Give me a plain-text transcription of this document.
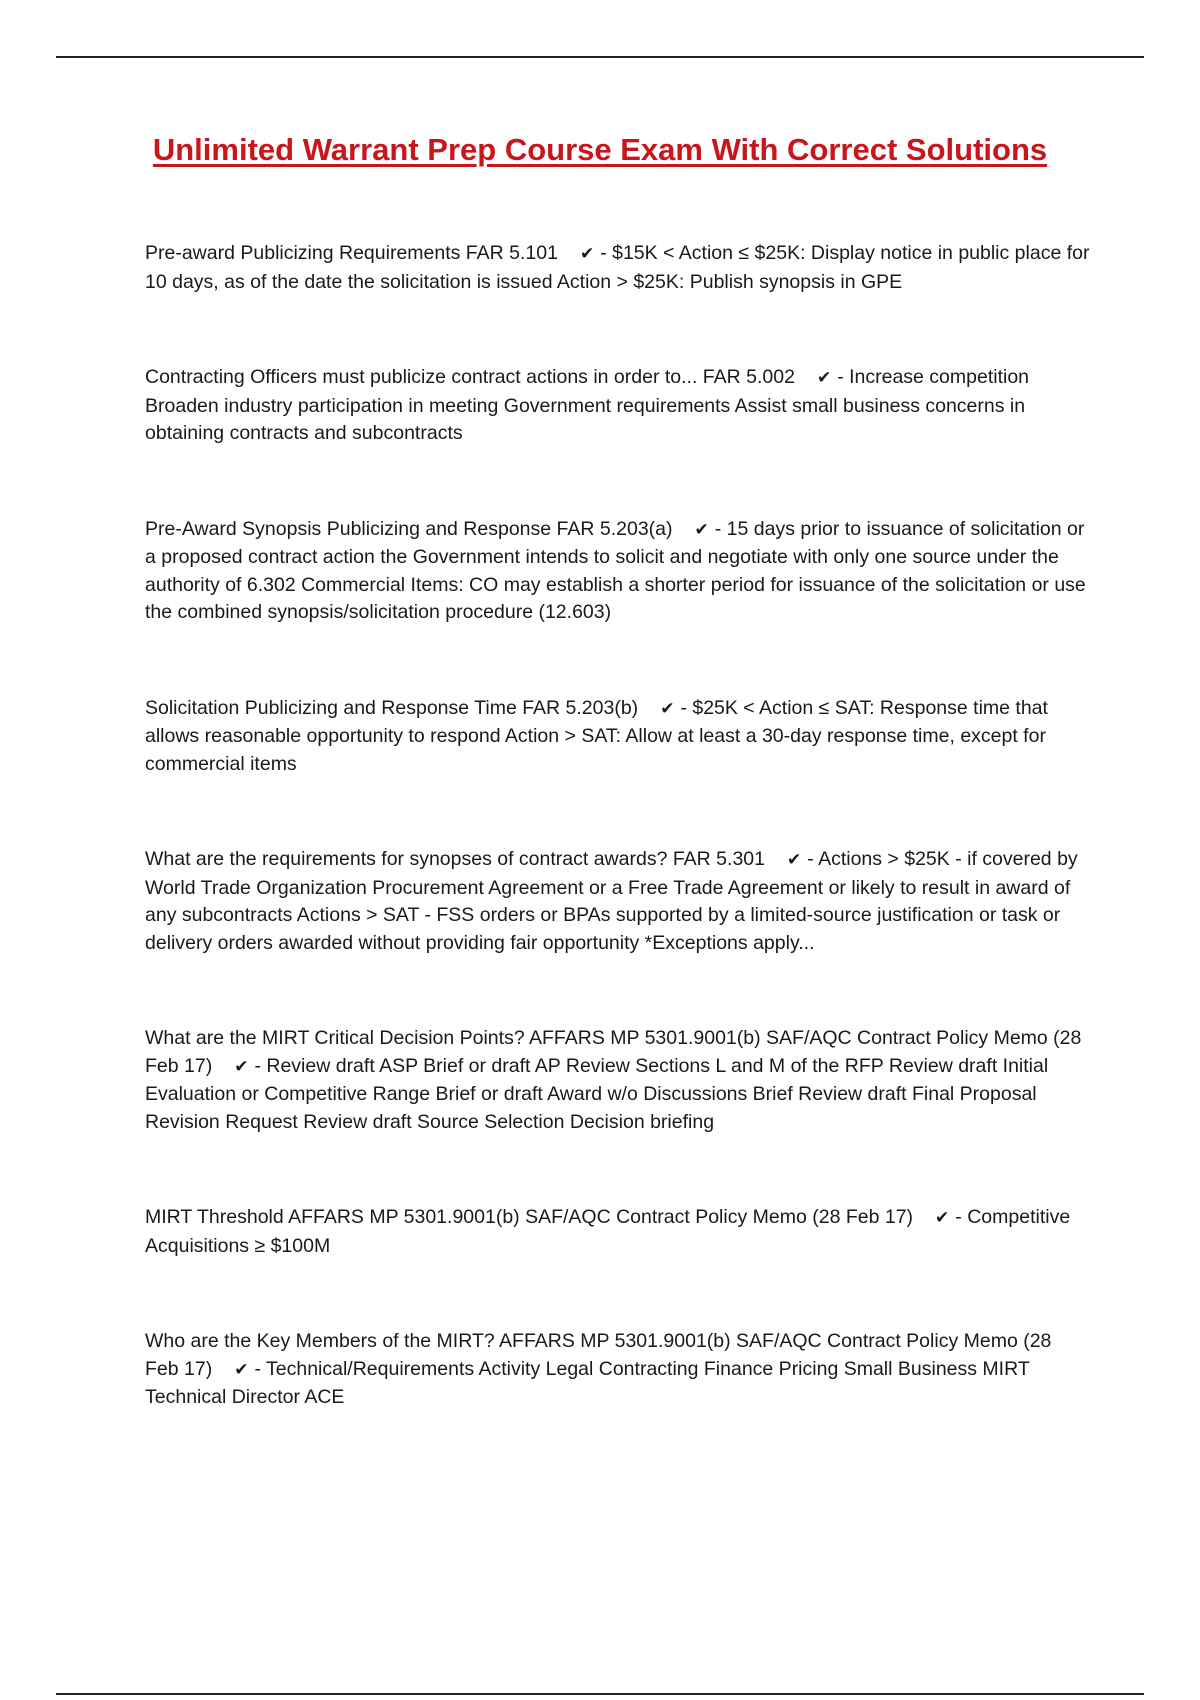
Unlimited Warrant Prep Course Exam With Correct Solutions

Pre-award Publicizing Requirements FAR 5.101 ✔ - $15K < Action ≤ $25K: Display notice in public place for 10 days, as of the date the solicitation is issued Action > $25K: Publish synopsis in GPE

Contracting Officers must publicize contract actions in order to... FAR 5.002 ✔ - Increase competition Broaden industry participation in meeting Government requirements Assist small business concerns in obtaining contracts and subcontracts

Pre-Award Synopsis Publicizing and Response FAR 5.203(a) ✔ - 15 days prior to issuance of solicitation or a proposed contract action the Government intends to solicit and negotiate with only one source under the authority of 6.302 Commercial Items: CO may establish a shorter period for issuance of the solicitation or use the combined synopsis/solicitation procedure (12.603)

Solicitation Publicizing and Response Time FAR 5.203(b) ✔ - $25K < Action ≤ SAT: Response time that allows reasonable opportunity to respond Action > SAT: Allow at least a 30-day response time, except for commercial items

What are the requirements for synopses of contract awards? FAR 5.301 ✔ - Actions > $25K - if covered by World Trade Organization Procurement Agreement or a Free Trade Agreement or likely to result in award of any subcontracts Actions > SAT - FSS orders or BPAs supported by a limited-source justification or task or delivery orders awarded without providing fair opportunity *Exceptions apply...

What are the MIRT Critical Decision Points? AFFARS MP 5301.9001(b) SAF/AQC Contract Policy Memo (28 Feb 17) ✔ - Review draft ASP Brief or draft AP Review Sections L and M of the RFP Review draft Initial Evaluation or Competitive Range Brief or draft Award w/o Discussions Brief Review draft Final Proposal Revision Request Review draft Source Selection Decision briefing

MIRT Threshold AFFARS MP 5301.9001(b) SAF/AQC Contract Policy Memo (28 Feb 17) ✔ - Competitive Acquisitions ≥ $100M

Who are the Key Members of the MIRT? AFFARS MP 5301.9001(b) SAF/AQC Contract Policy Memo (28 Feb 17) ✔ - Technical/Requirements Activity Legal Contracting Finance Pricing Small Business MIRT Technical Director ACE
